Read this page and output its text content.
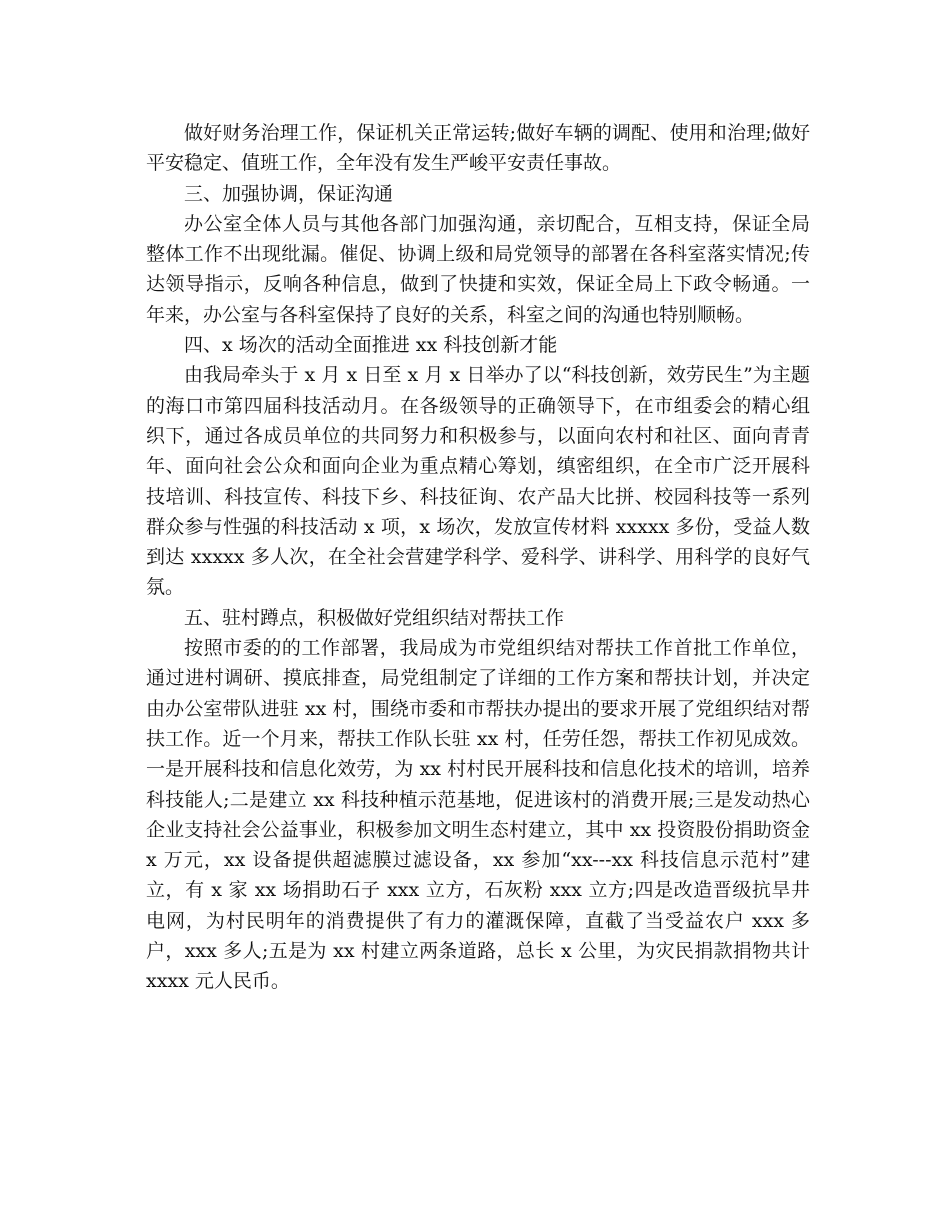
做好财务治理工作，保证机关正常运转;做好车辆的调配、使用和治理;做好平安稳定、值班工作，全年没有发生严峻平安责任事故。

三、加强协调，保证沟通

办公室全体人员与其他各部门加强沟通，亲切配合，互相支持，保证全局整体工作不出现纰漏。催促、协调上级和局党领导的部署在各科室落实情况;传达领导指示，反响各种信息，做到了快捷和实效，保证全局上下政令畅通。一年来，办公室与各科室保持了良好的关系，科室之间的沟通也特别顺畅。

四、x 场次的活动全面推进 xx 科技创新才能

由我局牵头于 x 月 x 日至 x 月 x 日举办了以“科技创新，效劳民生”为主题的海口市第四届科技活动月。在各级领导的正确领导下，在市组委会的精心组织下，通过各成员单位的共同努力和积极参与，以面向农村和社区、面向青青年、面向社会公众和面向企业为重点精心筹划，缜密组织，在全市广泛开展科技培训、科技宣传、科技下乡、科技征询、农产品大比拼、校园科技等一系列群众参与性强的科技活动 x 项，x 场次，发放宣传材料 xxxxx 多份，受益人数到达 xxxxx 多人次，在全社会营建学科学、爱科学、讲科学、用科学的良好气氛。

五、驻村蹲点，积极做好党组织结对帮扶工作

按照市委的的工作部署，我局成为市党组织结对帮扶工作首批工作单位，通过进村调研、摸底排查，局党组制定了详细的工作方案和帮扶计划，并决定由办公室带队进驻 xx 村，围绕市委和市帮扶办提出的要求开展了党组织结对帮扶工作。近一个月来，帮扶工作队长驻 xx 村，任劳任怨，帮扶工作初见成效。一是开展科技和信息化效劳，为 xx 村村民开展科技和信息化技术的培训，培养科技能人;二是建立 xx 科技种植示范基地，促进该村的消费开展;三是发动热心企业支持社会公益事业，积极参加文明生态村建立，其中 xx 投资股份捐助资金 x 万元，xx 设备提供超滤膜过滤设备，xx 参加“xx---xx 科技信息示范村”建立，有 x 家 xx 场捐助石子 xxx 立方，石灰粉 xxx 立方;四是改造晋级抗旱井电网，为村民明年的消费提供了有力的灌溉保障，直截了当受益农户 xxx 多户，xxx 多人;五是为 xx 村建立两条道路，总长 x 公里，为灾民捐款捐物共计 xxxx 元人民币。
